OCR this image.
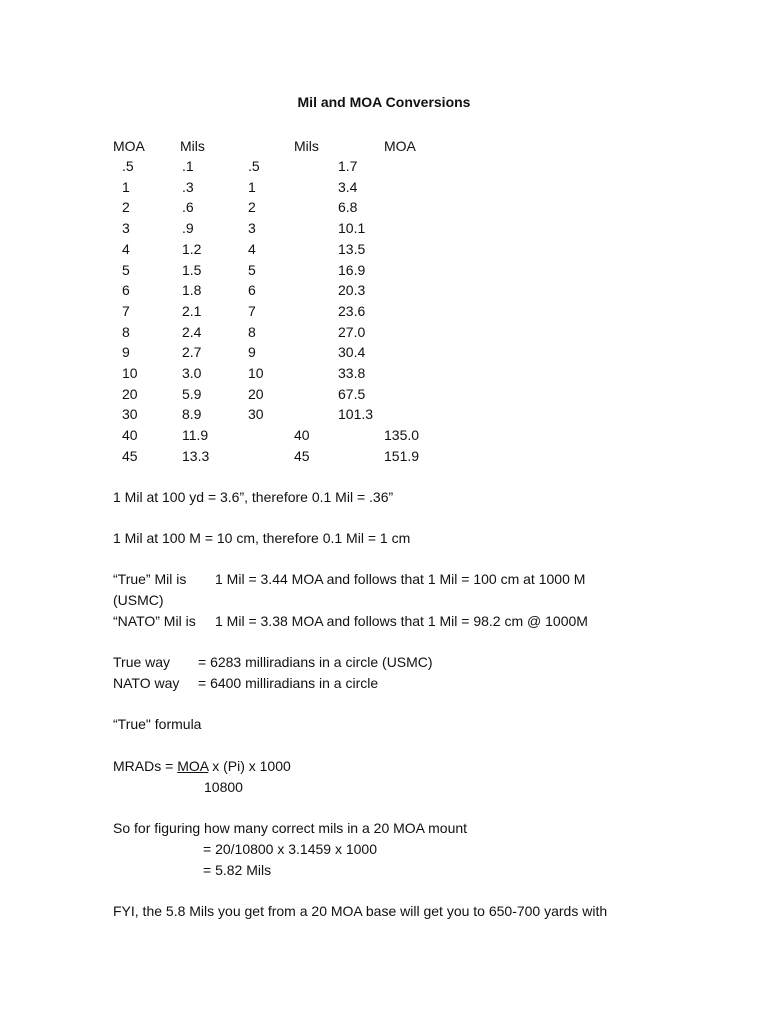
Mil and MOA Conversions
MOA	Mils	Mils	MOA
.5	.1	.5	1.7
1	.3	1	3.4
2	.6	2	6.8
3	.9	3	10.1
4	1.2	4	13.5
5	1.5	5	16.9
6	1.8	6	20.3
7	2.1	7	23.6
8	2.4	8	27.0
9	2.7	9	30.4
10	3.0	10	33.8
20	5.9	20	67.5
30	8.9	30	101.3
40	11.9	40	135.0
45	13.3	45	151.9
1 Mil at 100 yd = 3.6”, therefore 0.1 Mil = .36”
1 Mil at 100 M = 10 cm, therefore 0.1 Mil = 1 cm
“True” Mil is 1 Mil = 3.44 MOA and follows that 1 Mil = 100 cm at 1000 M
(USMC)
“NATO” Mil is 1 Mil = 3.38 MOA and follows that 1 Mil = 98.2 cm @ 1000M
True way = 6283 milliradians in a circle (USMC)
NATO way = 6400 milliradians in a circle
“True" formula
MRADs = MOA x (Pi) x 1000
10800
So for figuring how many correct mils in a 20 MOA mount
= 20/10800 x 3.1459 x 1000
= 5.82 Mils
FYI, the 5.8 Mils you get from a 20 MOA base will get you to 650-700 yards with
